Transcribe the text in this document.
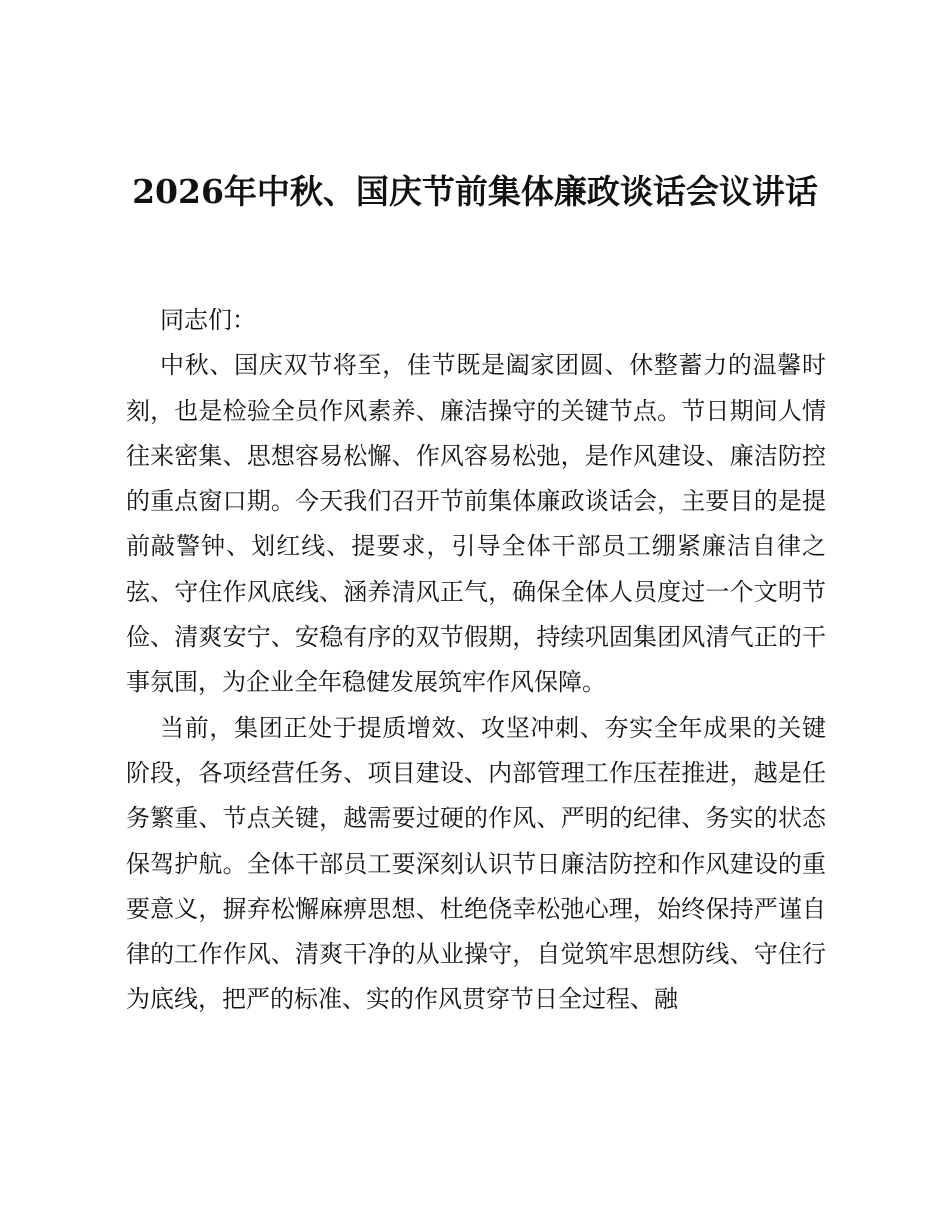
2026年中秋、国庆节前集体廉政谈话会议讲话

同志们：

中秋、国庆双节将至，佳节既是阖家团圆、休整蓄力的温馨时刻，也是检验全员作风素养、廉洁操守的关键节点。节日期间人情往来密集、思想容易松懈、作风容易松弛，是作风建设、廉洁防控的重点窗口期。今天我们召开节前集体廉政谈话会，主要目的是提前敲警钟、划红线、提要求，引导全体干部员工绷紧廉洁自律之弦、守住作风底线、涵养清风正气，确保全体人员度过一个文明节俭、清爽安宁、安稳有序的双节假期，持续巩固集团风清气正的干事氛围，为企业全年稳健发展筑牢作风保障。

当前，集团正处于提质增效、攻坚冲刺、夯实全年成果的关键阶段，各项经营任务、项目建设、内部管理工作压茬推进，越是任务繁重、节点关键，越需要过硬的作风、严明的纪律、务实的状态保驾护航。全体干部员工要深刻认识节日廉洁防控和作风建设的重要意义，摒弃松懈麻痹思想、杜绝侥幸松弛心理，始终保持严谨自律的工作作风、清爽干净的从业操守，自觉筑牢思想防线、守住行为底线，把严的标准、实的作风贯穿节日全过程、融
